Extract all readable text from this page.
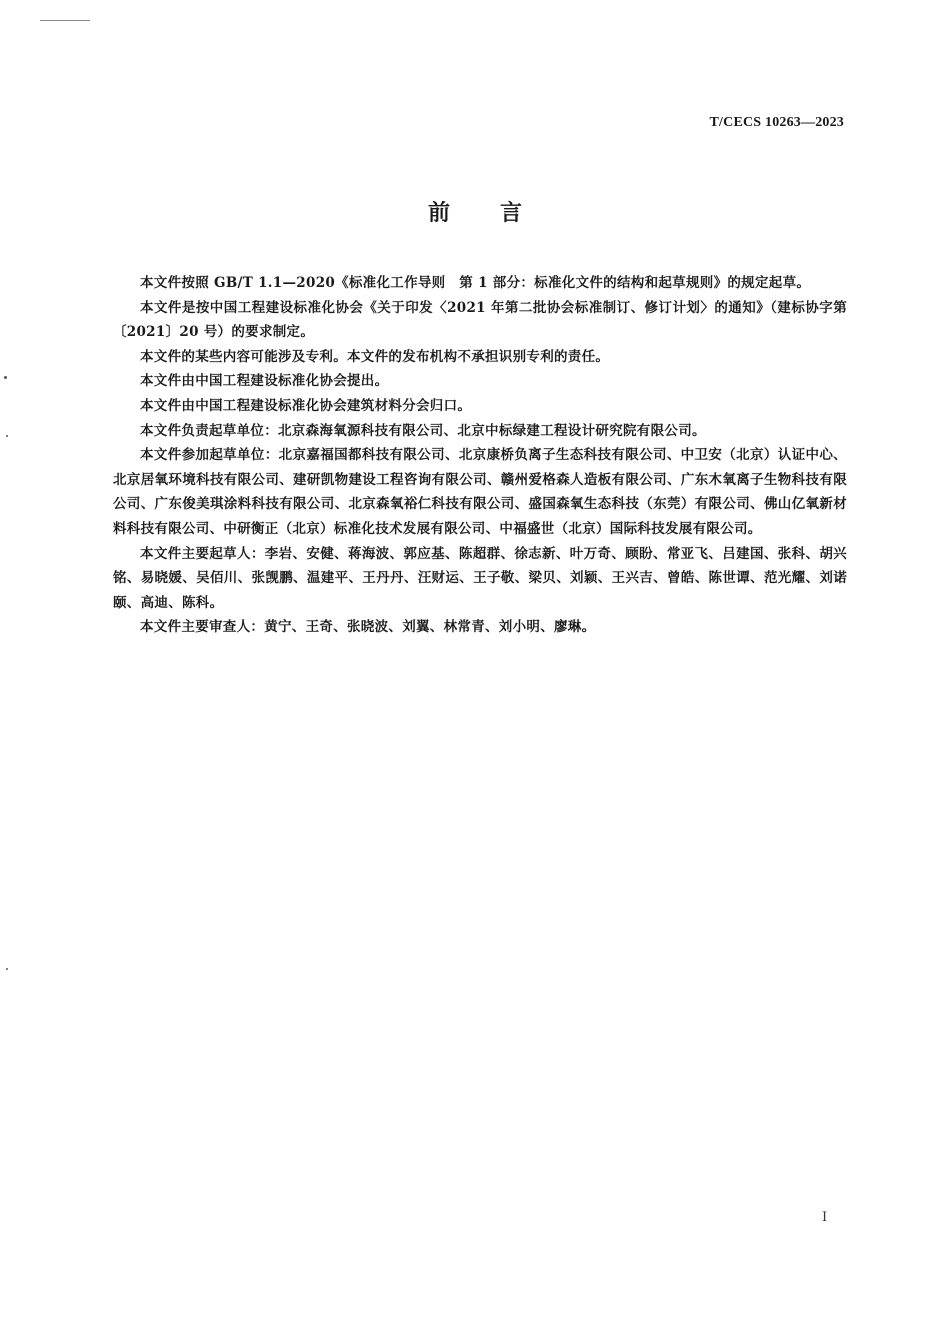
T/CECS 10263—2023
前言

本文件按照 GB/T 1.1—2020《标准化工作导则　第 1 部分：标准化文件的结构和起草规则》的规定起草。

本文件是按中国工程建设标准化协会《关于印发〈2021 年第二批协会标准制订、修订计划〉的通知》（建标协字第〔2021〕20 号）的要求制定。

本文件的某些内容可能涉及专利。本文件的发布机构不承担识别专利的责任。

本文件由中国工程建设标准化协会提出。

本文件由中国工程建设标准化协会建筑材料分会归口。

本文件负责起草单位：北京森海氧源科技有限公司、北京中标绿建工程设计研究院有限公司。

本文件参加起草单位：北京嘉福国都科技有限公司、北京康桥负离子生态科技有限公司、中卫安（北京）认证中心、北京居氧环境科技有限公司、建研凯物建设工程咨询有限公司、赣州爱格森人造板有限公司、广东木氧离子生物科技有限公司、广东俊美琪涂料科技有限公司、北京森氧裕仁科技有限公司、盛国森氧生态科技（东莞）有限公司、佛山亿氧新材料科技有限公司、中研衡正（北京）标准化技术发展有限公司、中福盛世（北京）国际科技发展有限公司。

本文件主要起草人：李岩、安健、蒋海波、郭应基、陈超群、徐志新、叶万奇、顾盼、常亚飞、吕建国、张科、胡兴铭、易晓媛、吴佰川、张觊鹏、温建平、王丹丹、汪财运、王子敬、梁贝、刘颖、王兴吉、曾皓、陈世谭、范光耀、刘诺颐、高迪、陈科。

本文件主要审查人：黄宁、王奇、张晓波、刘翼、林常青、刘小明、廖琳。

I
